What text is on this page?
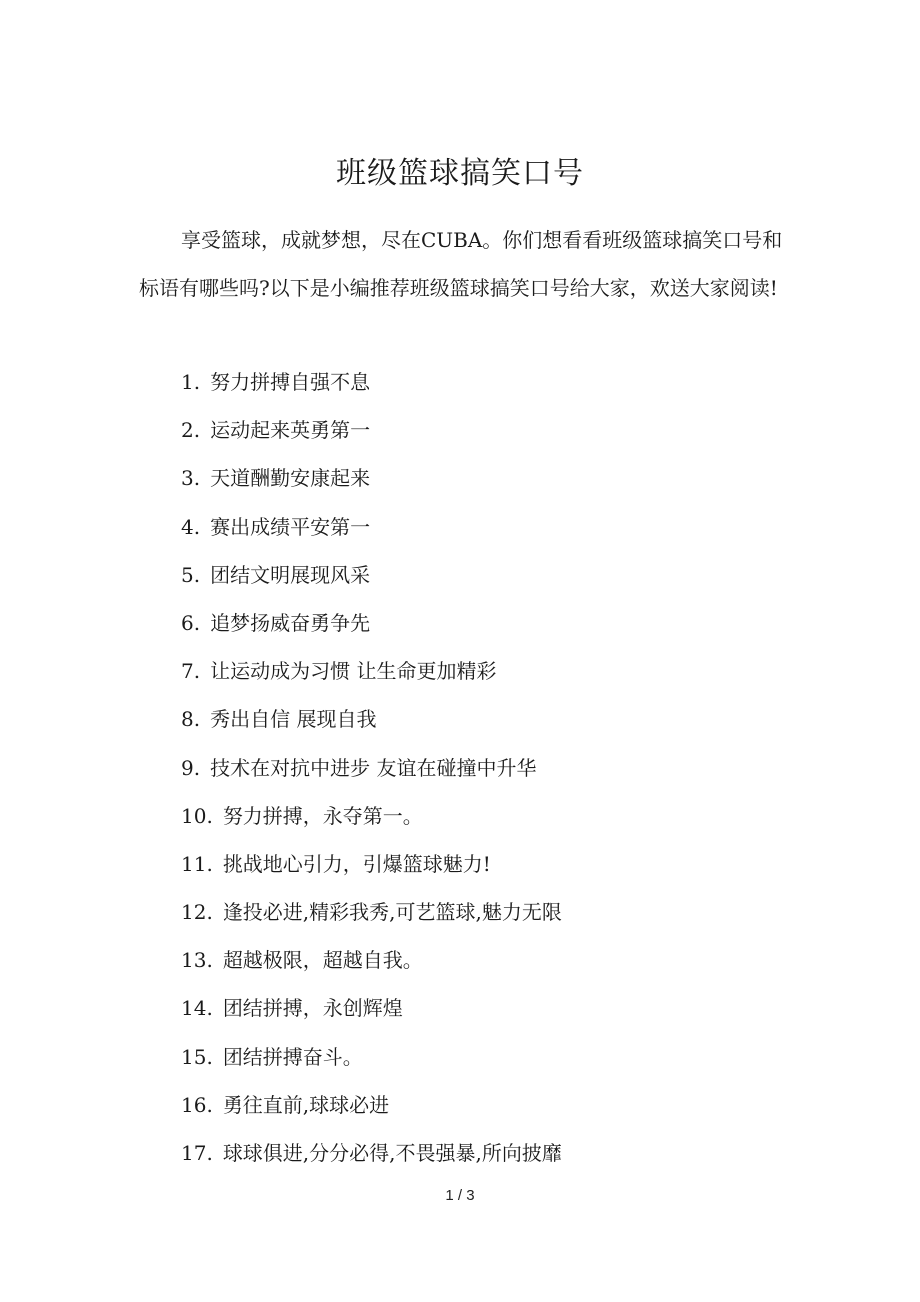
班级篮球搞笑口号

享受篮球，成就梦想，尽在CUBA。你们想看看班级篮球搞笑口号和标语有哪些吗?以下是小编推荐班级篮球搞笑口号给大家，欢送大家阅读!

1. 努力拼搏自强不息
2. 运动起来英勇第一
3. 天道酬勤安康起来
4. 赛出成绩平安第一
5. 团结文明展现风采
6. 追梦扬威奋勇争先
7. 让运动成为习惯 让生命更加精彩
8. 秀出自信 展现自我
9. 技术在对抗中进步 友谊在碰撞中升华
10. 努力拼搏，永夺第一。
11. 挑战地心引力，引爆篮球魅力!
12. 逢投必进,精彩我秀,可艺篮球,魅力无限
13. 超越极限，超越自我。
14. 团结拼搏，永创辉煌
15. 团结拼搏奋斗。
16. 勇往直前,球球必进
17. 球球俱进,分分必得,不畏强暴,所向披靡
1 / 3
